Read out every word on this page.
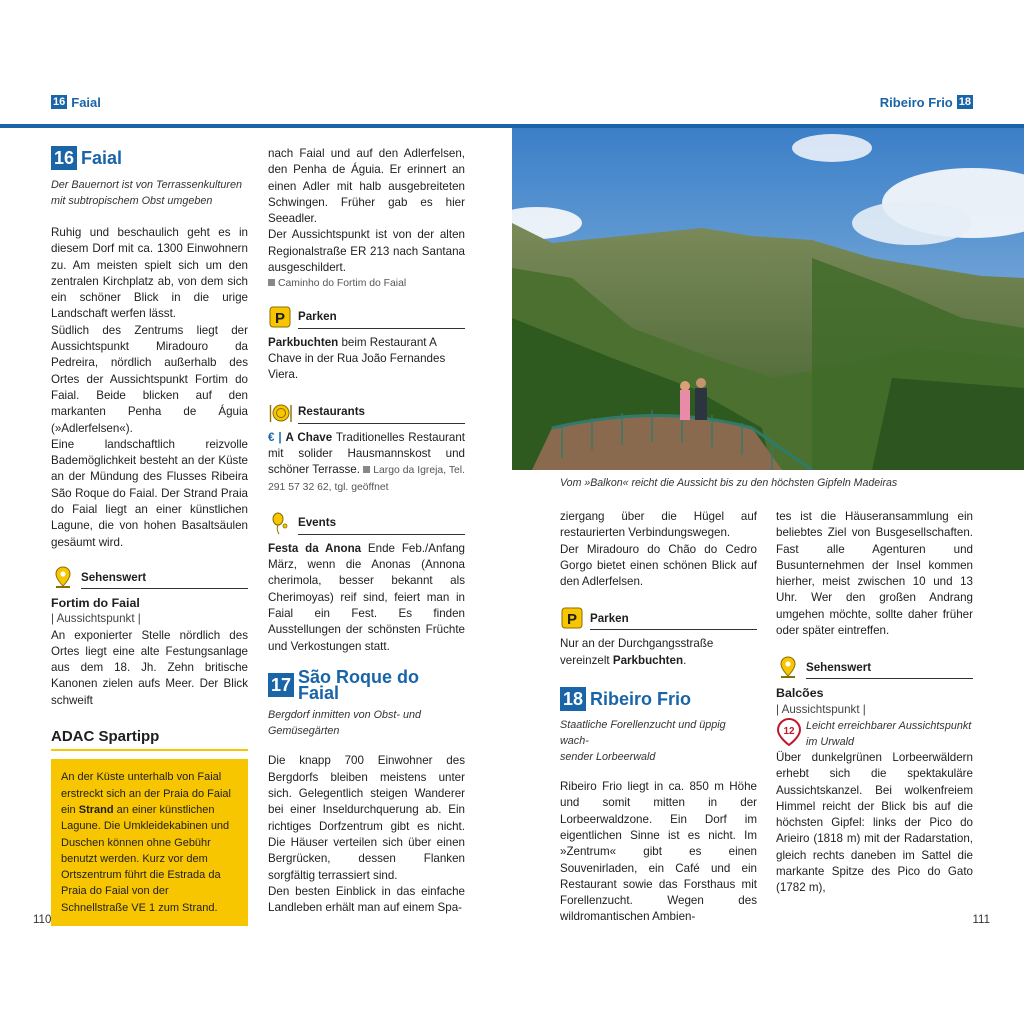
16 Faial	Ribeiro Frio 18
16 Faial
Der Bauernort ist von Terrassenkulturen
mit subtropischem Obst umgeben

Ruhig und beschaulich geht es in diesem Dorf mit ca. 1300 Einwohnern zu. Am meisten spielt sich um den zentralen Kirchplatz ab, von dem sich ein schöner Blick in die urige Landschaft werfen lässt.

Südlich des Zentrums liegt der Aussichtspunkt Miradouro da Pedreira, nördlich außerhalb des Ortes der Aussichtspunkt Fortim do Faial. Beide blicken auf den markanten Penha de Águia (»Adlerfelsen«).

Eine landschaftlich reizvolle Bademöglichkeit besteht an der Küste an der Mündung des Flusses Ribeira São Roque do Faial. Der Strand Praia do Faial liegt an einer künstlichen Lagune, die von hohen Basaltsäulen gesäumt wird.

Sehenswert
Fortim do Faial
| Aussichtspunkt |

An exponierter Stelle nördlich des Ortes liegt eine alte Festungsanlage aus dem 18. Jh. Zehn britische Kanonen zielen aufs Meer. Der Blick schweift

ADAC Spartipp
An der Küste unterhalb von Faial erstreckt sich an der Praia do Faial ein Strand an einer künstlichen Lagune. Die Umkleidekabinen und Duschen können ohne Gebühr benutzt werden. Kurz vor dem Ortszentrum führt die Estrada da Praia do Faial von der Schnellstraße VE 1 zum Strand.

nach Faial und auf den Adlerfelsen, den Penha de Águia. Er erinnert an einen Adler mit halb ausgebreiteten Schwingen. Früher gab es hier Seeadler.

Der Aussichtspunkt ist von der alten Regionalstraße ER 213 nach Santana ausgeschildert.

Caminho do Fortim do Faial
P Parken

Parkbuchten beim Restaurant A Chave in der Rua João Fernandes Viera.

Restaurants

€ | A Chave Traditionelles Restaurant mit solider Hausmannskost und schöner Terrasse. Largo da Igreja, Tel. 291 57 32 62, tgl. geöffnet

Events

Festa da Anona Ende Feb./Anfang März, wenn die Anonas (Annona cherimola, besser bekannt als Cherimoyas) reif sind, feiert man in Faial ein Fest. Es finden Ausstellungen der schönsten Früchte und Verkostungen statt.

17 São Roque do Faial
Bergdorf inmitten von Obst- und
Gemüsegärten

Die knapp 700 Einwohner des Bergdorfs bleiben meistens unter sich. Gelegentlich steigen Wanderer bei einer Inseldurchquerung ab. Ein richtiges Dorfzentrum gibt es nicht. Die Häuser verteilen sich über einen Bergrücken, dessen Flanken sorgfältig terrassiert sind.

Den besten Einblick in das einfache Landleben erhält man auf einem Spa-

Vom »Balkon« reicht die Aussicht bis zu den höchsten Gipfeln Madeiras

ziergang über die Hügel auf restaurierten Verbindungswegen.

Der Miradouro do Chão do Cedro Gorgo bietet einen schönen Blick auf den Adlerfelsen.

P Parken

Nur an der Durchgangsstraße vereinzelt Parkbuchten.

18 Ribeiro Frio
Staatliche Forellenzucht und üppig wach-
sender Lorbeerwald

Ribeiro Frio liegt in ca. 850 m Höhe und somit mitten in der Lorbeerwaldzone. Ein Dorf im eigentlichen Sinne ist es nicht. Im »Zentrum« gibt es einen Souvenirladen, ein Café und ein Restaurant sowie das Forsthaus mit Forellenzucht. Wegen des wildromantischen Ambien-

tes ist die Häuseransammlung ein beliebtes Ziel von Busgesellschaften. Fast alle Agenturen und Busunternehmen der Insel kommen hierher, meist zwischen 10 und 13 Uhr. Wer den großen Andrang umgehen möchte, sollte daher früher oder später eintreffen.

Sehenswert
Balcões
| Aussichtspunkt |
12 Leicht erreichbarer Aussichtspunkt
im Urwald

Über dunkelgrünen Lorbeerwäldern erhebt sich die spektakuläre Aussichtskanzel. Bei wolkenfreiem Himmel reicht der Blick bis auf die höchsten Gipfel: links der Pico do Arieiro (1818 m) mit der Radarstation, gleich rechts daneben im Sattel die markante Spitze des Pico do Gato (1782 m),

110	111
